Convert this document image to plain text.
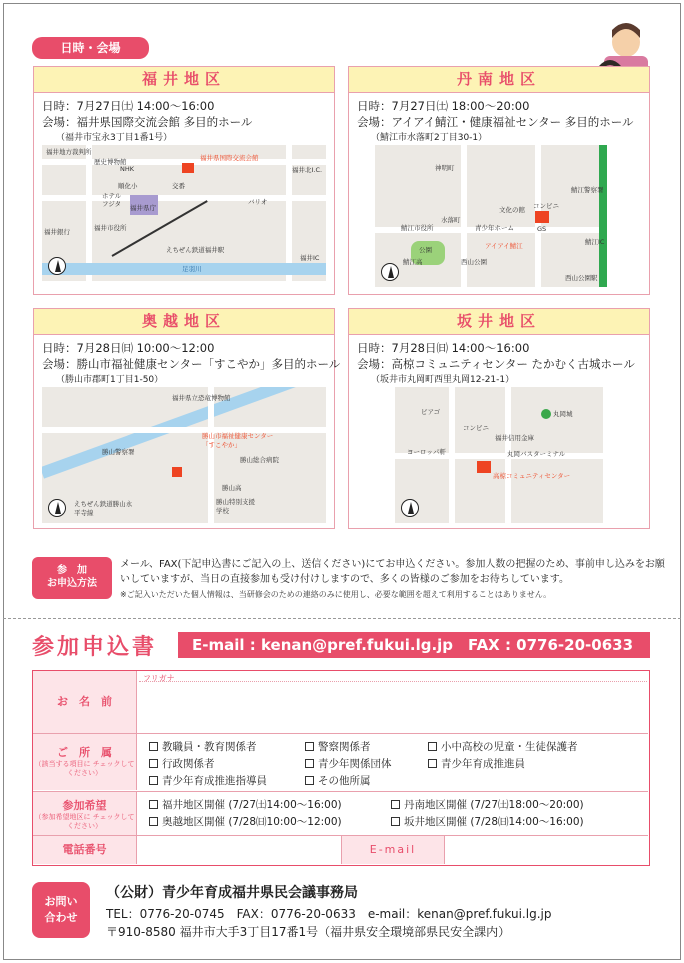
日時・会場
福井地区
日時：7月27日㈯ 14:00～16:00
会場：福井県国際交流会館 多目的ホール
（福井市宝永3丁目1番1号）
福井県国際交流会館
福井地方裁判所
歴史博物館
NHK
交番
順化小
ホテル
フジタ 福井県庁
福井市役所
福井銀行
えちぜん鉄道福井駅
バリオ
福井北I.C.
福井IC
足羽川
丹南地区
日時：7月27日㈯ 18:00～20:00
会場：アイアイ鯖江・健康福祉センター 多目的ホール
（鯖江市水落町2丁目30-1）
神明町
鯖江市役所
西山公園
アイアイ鯖江
文化の館 コンビニ
GS
青少年ホーム
水落町
鯖江IC
鯖江警察署
鯖江高
公園
西山公園駅
奥越地区
日時：7月28日㈰ 10:00～12:00
会場：勝山市福祉健康センター「すこやか」多目的ホール
（勝山市郡町1丁目1-50）
福井県立恐竜博物館
勝山警察署
勝山市福祉健康センター「すこやか」
勝山総合病院
勝山高
勝山特別支援学校
えちぜん鉄道勝山永平寺線
坂井地区
日時：7月28日㈰ 14:00～16:00
会場：高椋コミュニティセンター たかむく古城ホール
（坂井市丸岡町西里丸岡12-21-1）
ピアゴ	丸岡城
コンビニ
福井信用金庫
ヨーロッパ軒	丸岡バスターミナル
高椋コミュニティセンター
参　加
お申込方法
メール、FAX(下記申込書にご記入の上、送信ください)にてお申込ください。参加人数の把握のため、事前申し込みをお願いしていますが、当日の直接参加も受け付けしますので、多くの皆様のご参加をお待ちしています。
※ご記入いただいた個人情報は、当研修会のための連絡のみに使用し、必要な範囲を超えて利用することはありません。
参加申込書	E-mail : kenan@pref.fukui.lg.jp　FAX : 0776-20-0633
お　名　前
フリガナ
ご　所　属
（該当する項目に チェックしてください）
教職員・教育関係者	警察関係者	小中高校の児童・生徒保護者
行政関係者	青少年関係団体	青少年育成推進員
青少年育成推進指導員	その他所属
参加希望
（参加希望地区に チェックしてください）
福井地区開催 (7/27㈯14:00～16:00)	丹南地区開催 (7/27㈯18:00～20:00)
奥越地区開催 (7/28㈰10:00～12:00)	坂井地区開催 (7/28㈰14:00～16:00)
電話番号	E-mail
お問い
合わせ
（公財）青少年育成福井県民会議事務局
TEL：0776-20-0745　FAX：0776-20-0633　e-mail：kenan@pref.fukui.lg.jp
〒910-8580 福井市大手3丁目17番1号（福井県安全環境部県民安全課内）
